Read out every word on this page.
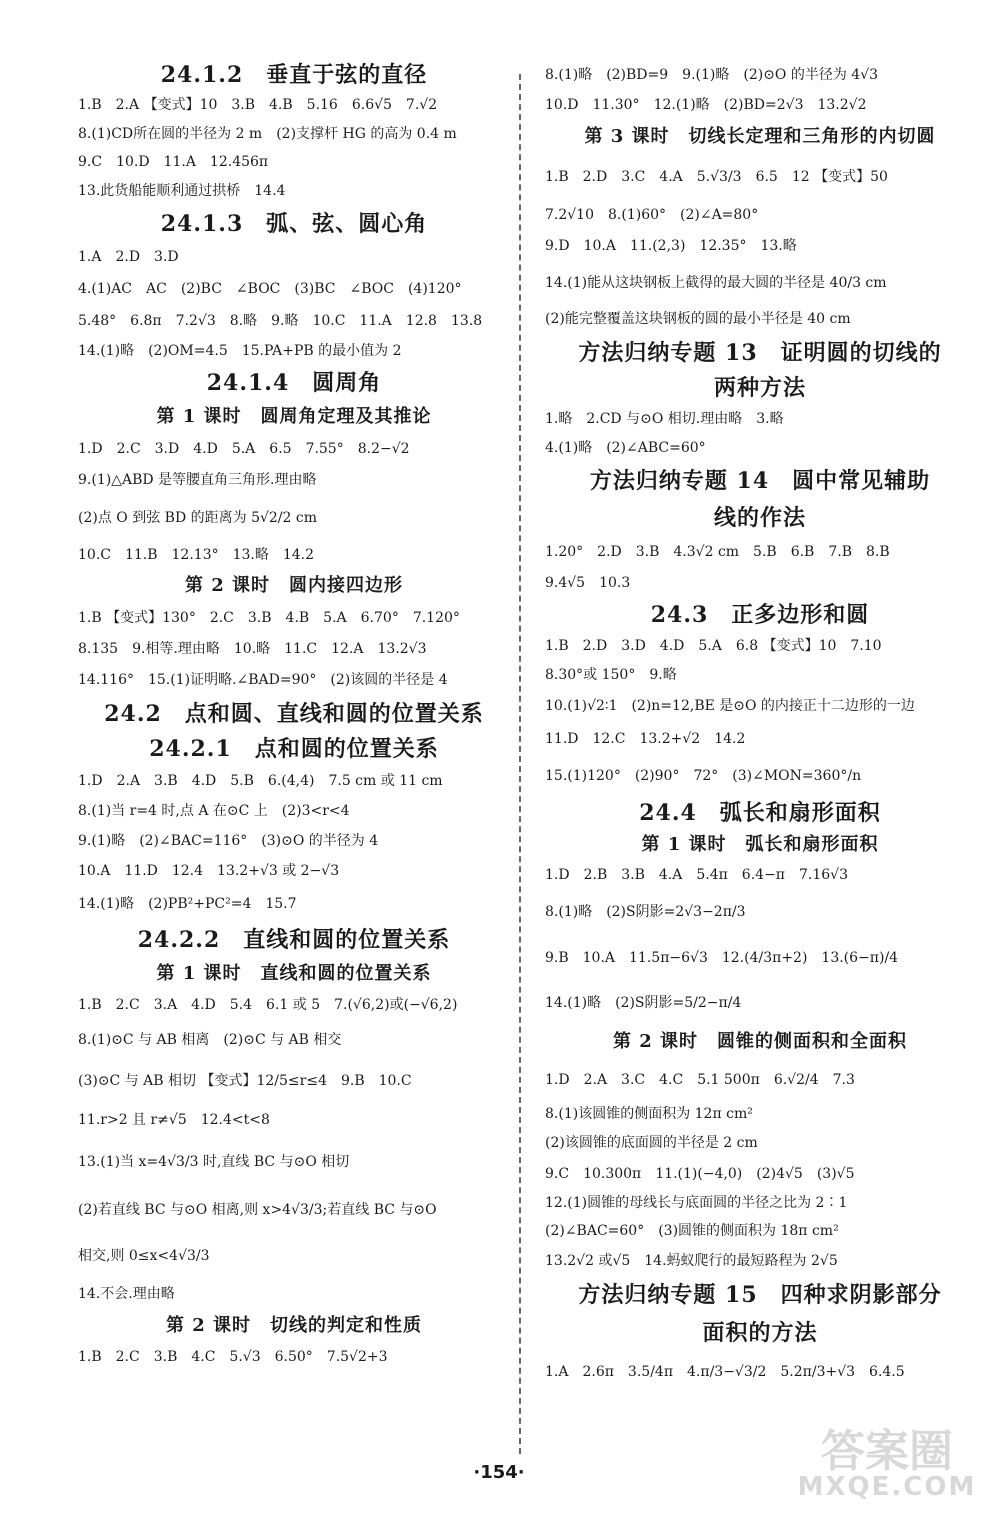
24.1.2　垂直于弦的直径
1.B　2.A 【变式】10　3.B　4.B　5.16　6.6√5　7.√2
8.(1)CD所在圆的半径为 2 m　(2)支撑杆 HG 的高为 0.4 m
9.C　10.D　11.A　12.456π
13.此货船能顺利通过拱桥　14.4
24.1.3　弧、弦、圆心角
1.A　2.D　3.D
4.(1)AC　AC　(2)BC　∠BOC　(3)BC　∠BOC　(4)120°
5.48°　6.8π　7.2√3　8.略　9.略　10.C　11.A　12.8　13.8
14.(1)略　(2)OM=4.5　15.PA+PB 的最小值为 2
24.1.4　圆周角
第 1 课时　圆周角定理及其推论
1.D　2.C　3.D　4.D　5.A　6.5　7.55°　8.2−√2
9.(1)△ABD 是等腰直角三角形.理由略
(2)点 O 到弦 BD 的距离为 5√2/2 cm
10.C　11.B　12.13°　13.略　14.2
第 2 课时　圆内接四边形
1.B 【变式】130°　2.C　3.B　4.B　5.A　6.70°　7.120°
8.135　9.相等.理由略　10.略　11.C　12.A　13.2√3
14.116°　15.(1)证明略.∠BAD=90°　(2)该圆的半径是 4
24.2　点和圆、直线和圆的位置关系
24.2.1　点和圆的位置关系
1.D　2.A　3.B　4.D　5.B　6.(4,4)　7.5 cm 或 11 cm
8.(1)当 r=4 时,点 A 在⊙C 上　(2)3<r<4
9.(1)略　(2)∠BAC=116°　(3)⊙O 的半径为 4
10.A　11.D　12.4　13.2+√3 或 2−√3
14.(1)略　(2)PB²+PC²=4　15.7
24.2.2　直线和圆的位置关系
第 1 课时　直线和圆的位置关系
1.B　2.C　3.A　4.D　5.4　6.1 或 5　7.(√6,2)或(−√6,2)
8.(1)⊙C 与 AB 相离　(2)⊙C 与 AB 相交
(3)⊙C 与 AB 相切 【变式】12/5≤r≤4　9.B　10.C
11.r>2 且 r≠√5　12.4<t<8
13.(1)当 x=4√3/3 时,直线 BC 与⊙O 相切
(2)若直线 BC 与⊙O 相离,则 x>4√3/3;若直线 BC 与⊙O
相交,则 0≤x<4√3/3
14.不会.理由略
第 2 课时　切线的判定和性质
1.B　2.C　3.B　4.C　5.√3　6.50°　7.5√2+3
8.(1)略　(2)BD=9　9.(1)略　(2)⊙O 的半径为 4√3
10.D　11.30°　12.(1)略　(2)BD=2√3　13.2√2
第 3 课时　切线长定理和三角形的内切圆
1.B　2.D　3.C　4.A　5.√3/3　6.5　12 【变式】50
7.2√10　8.(1)60°　(2)∠A=80°
9.D　10.A　11.(2,3)　12.35°　13.略
14.(1)能从这块钢板上截得的最大圆的半径是 40/3 cm
(2)能完整覆盖这块钢板的圆的最小半径是 40 cm
方法归纳专题 13　证明圆的切线的
两种方法
1.略　2.CD 与⊙O 相切.理由略　3.略
4.(1)略　(2)∠ABC=60°
方法归纳专题 14　圆中常见辅助
线的作法
1.20°　2.D　3.B　4.3√2 cm　5.B　6.B　7.B　8.B
9.4√5　10.3
24.3　正多边形和圆
1.B　2.D　3.D　4.D　5.A　6.8 【变式】10　7.10
8.30°或 150°　9.略
10.(1)√2∶1　(2)n=12,BE 是⊙O 的内接正十二边形的一边
11.D　12.C　13.2+√2　14.2
15.(1)120°　(2)90°　72°　(3)∠MON=360°/n
24.4　弧长和扇形面积
第 1 课时　弧长和扇形面积
1.D　2.B　3.B　4.A　5.4π　6.4−π　7.16√3
8.(1)略　(2)S阴影=2√3−2π/3
9.B　10.A　11.5π−6√3　12.(4/3π+2)　13.(6−π)/4
14.(1)略　(2)S阴影=5/2−π/4
第 2 课时　圆锥的侧面积和全面积
1.D　2.A　3.C　4.C　5.1 500π　6.√2/4　7.3
8.(1)该圆锥的侧面积为 12π cm²
(2)该圆锥的底面圆的半径是 2 cm
9.C　10.300π　11.(1)(−4,0)　(2)4√5　(3)√5
12.(1)圆锥的母线长与底面圆的半径之比为 2∶1
(2)∠BAC=60°　(3)圆锥的侧面积为 18π cm²
13.2√2 或√5　14.蚂蚁爬行的最短路程为 2√5
方法归纳专题 15　四种求阴影部分
面积的方法
1.A　2.6π　3.5/4π　4.π/3−√3/2　5.2π/3+√3　6.4.5
·154·	答案圈
MXQE.COM
